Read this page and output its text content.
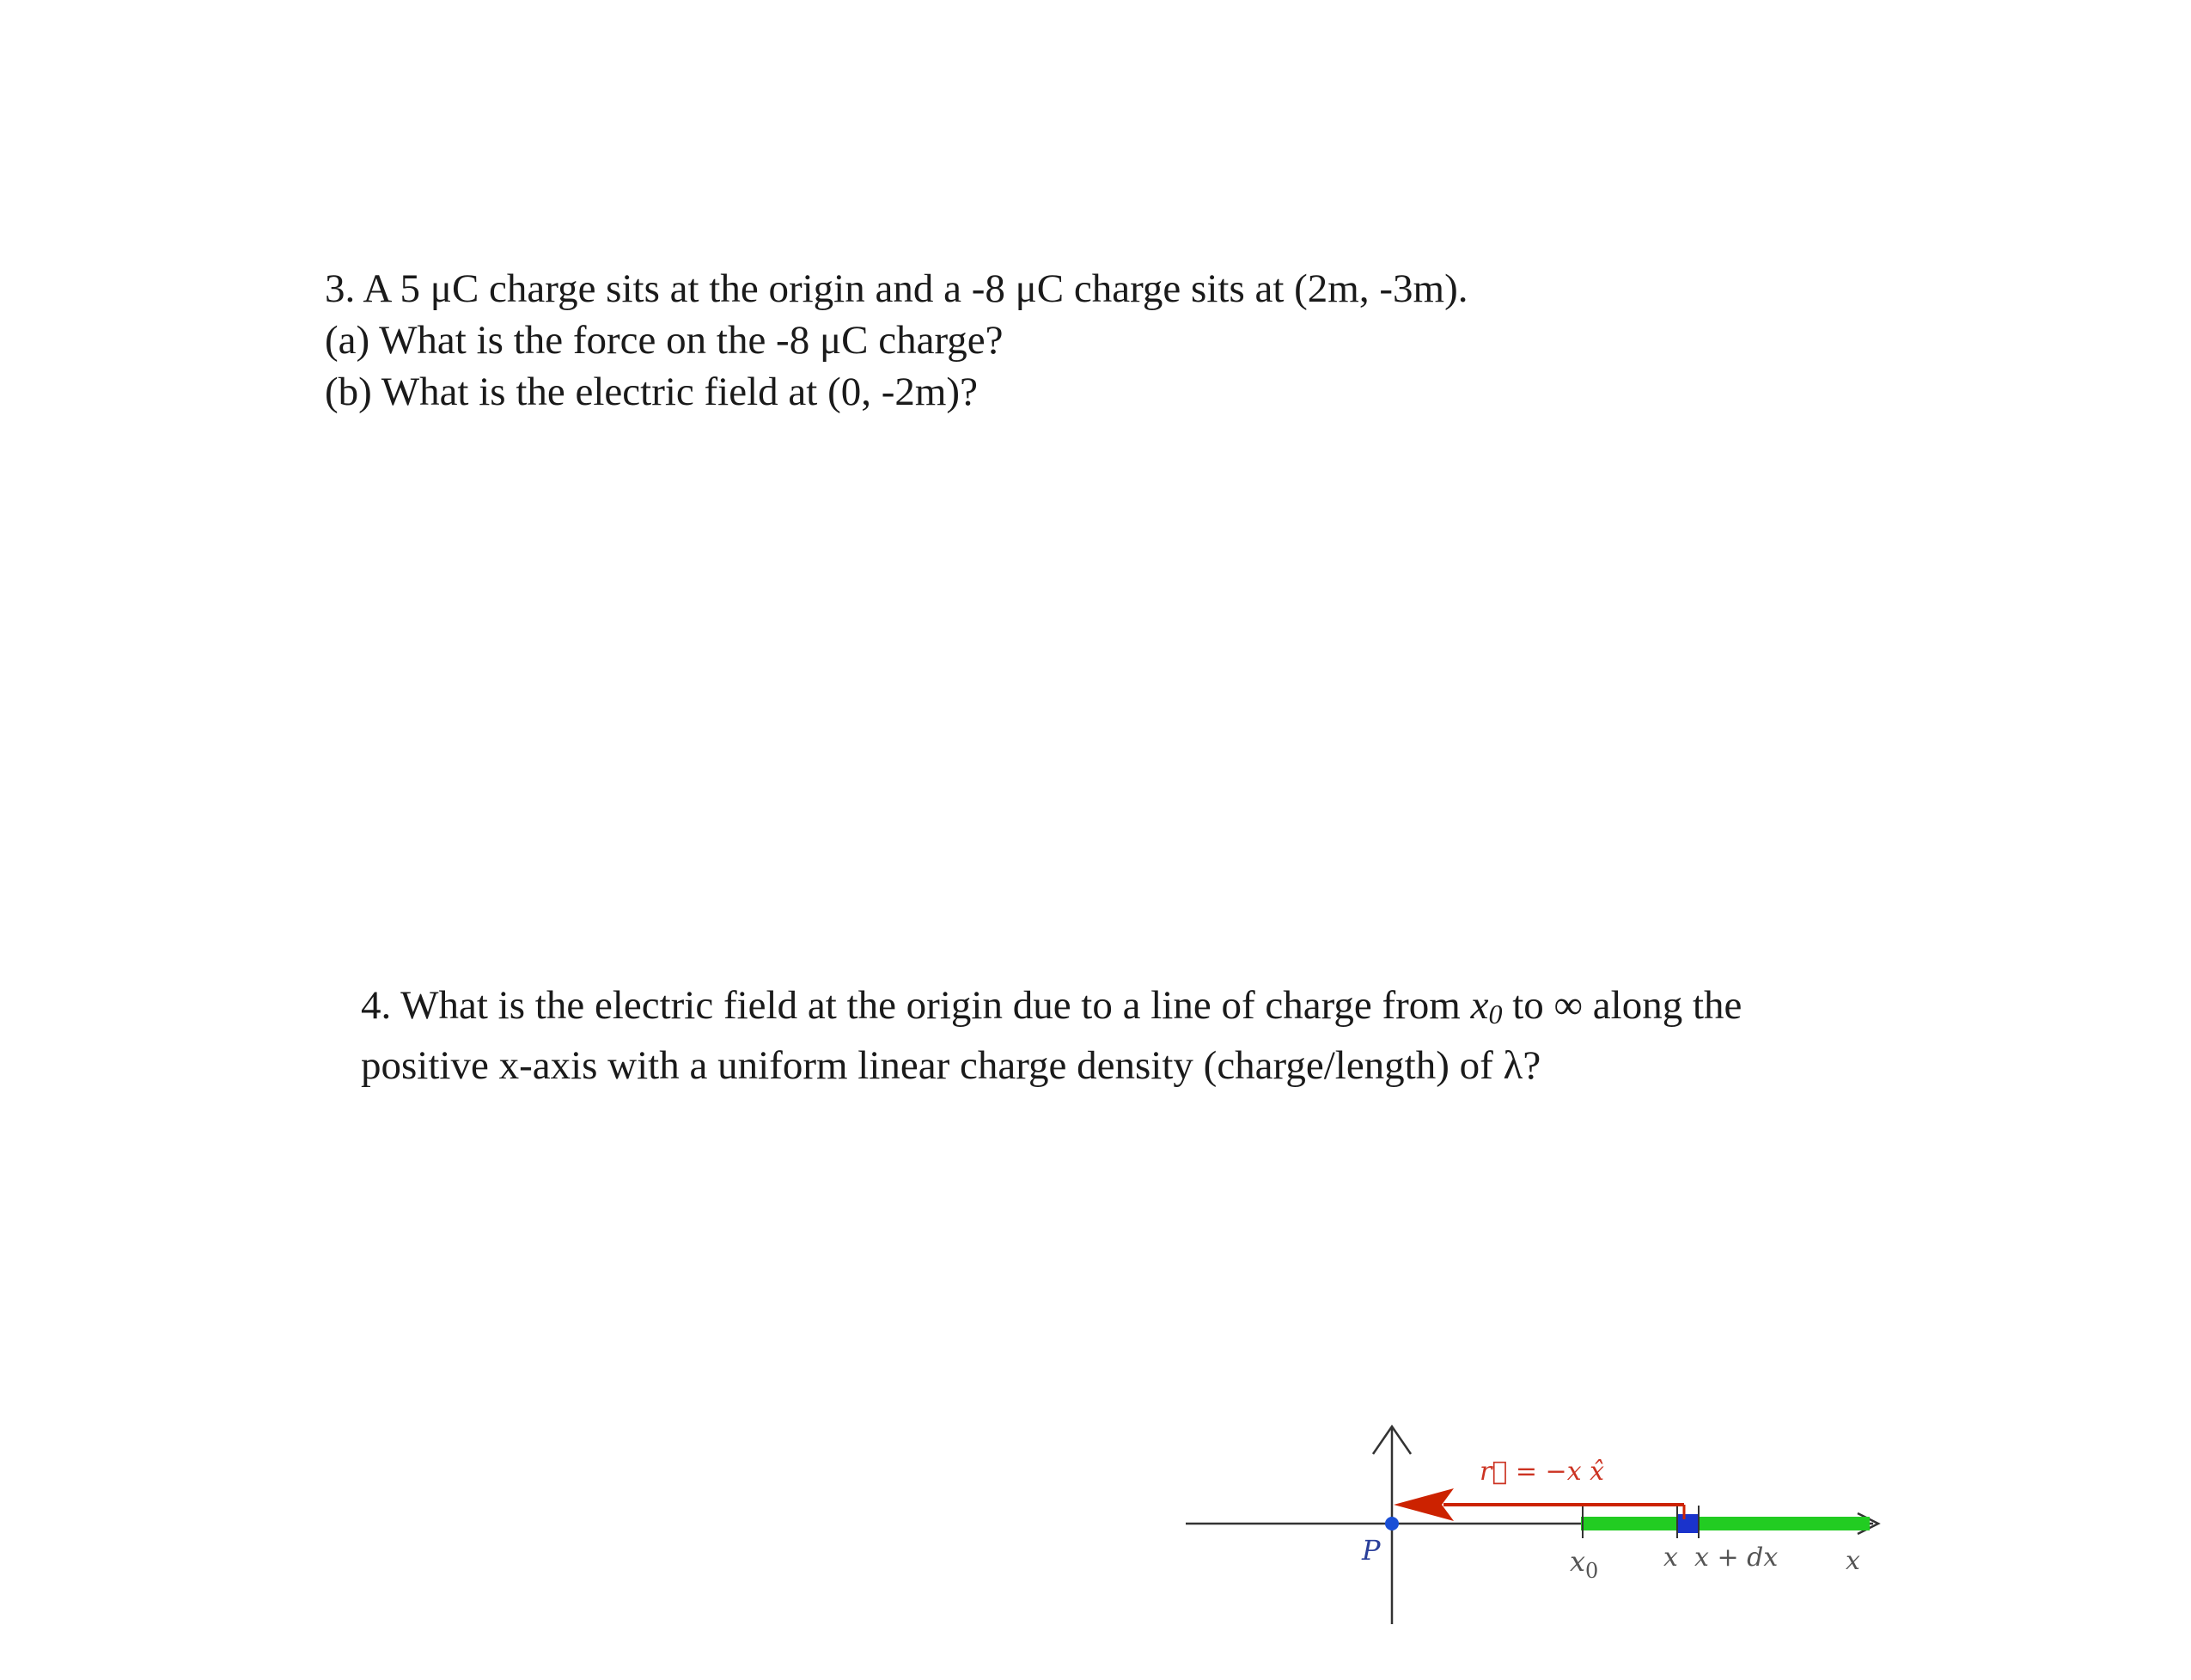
3. A 5 μC charge sits at the origin and a -8 μC charge sits at (2m, -3m).
(a) What is the force on the -8 μC charge?
(b) What is the electric field at (0, -2m)?
4. What is the electric field at the origin due to a line of charge from x0 to ∞ along the
positive x-axis with a uniform linear charge density (charge/length) of λ?
P
r⃗ = −x x̂
$x_0$	x x + dx	x
